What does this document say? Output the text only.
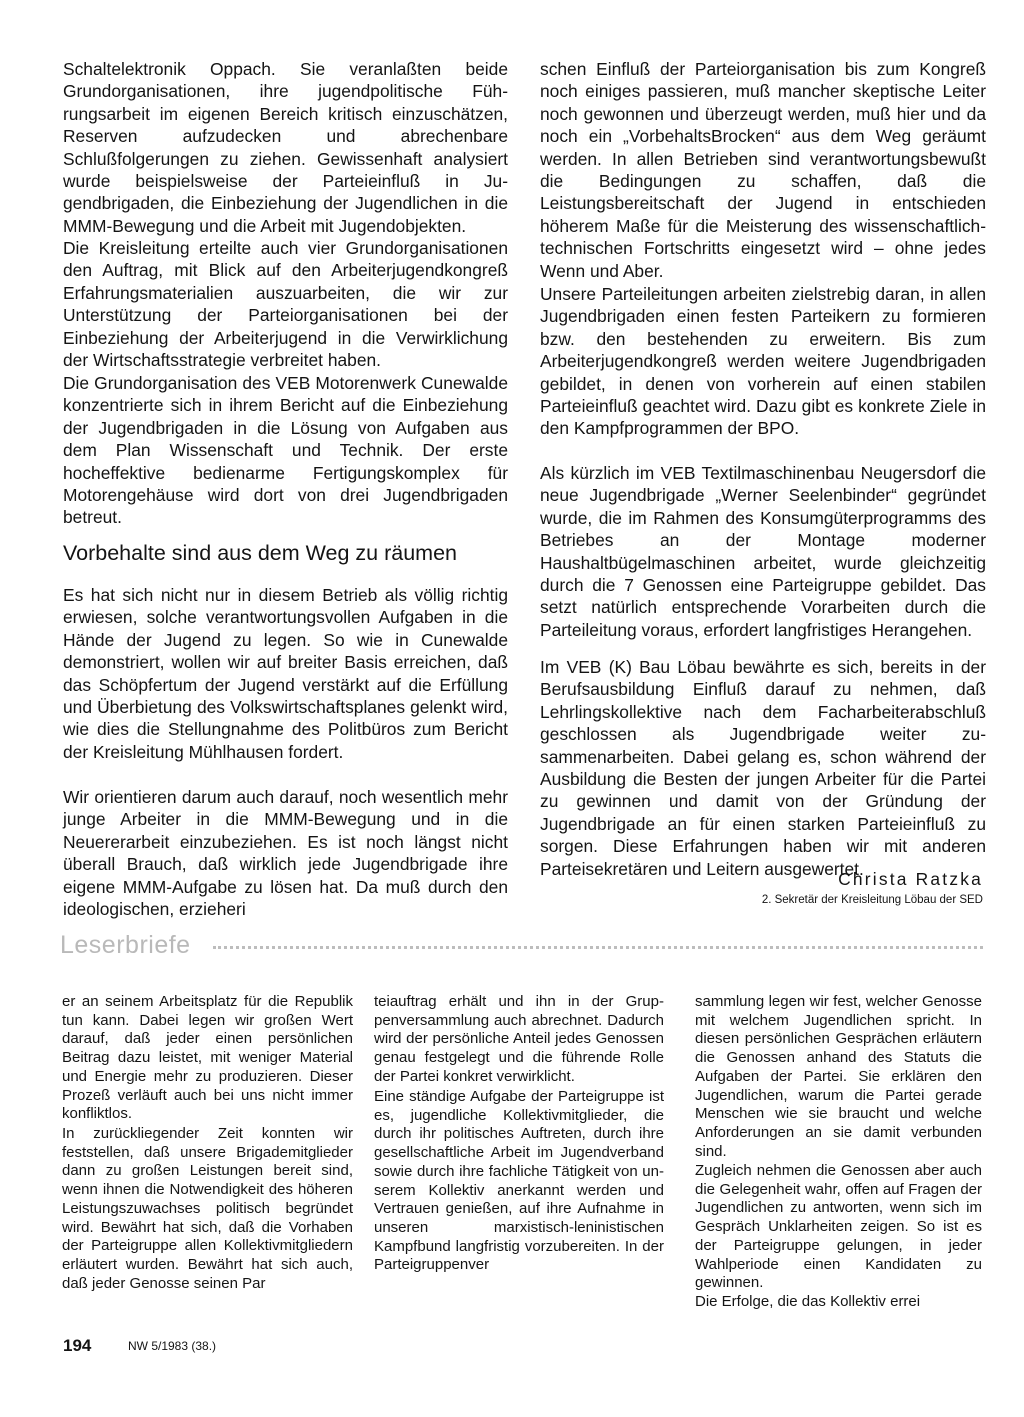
Schaltelektronik Oppach. Sie veranlaßten beide Grundorganisationen, ihre jugendpolitische Führungsarbeit im eigenen Bereich kritisch einzuschätzen, Reserven aufzudecken und abrechenbare Schlußfolgerungen zu ziehen. Gewissenhaft analysiert wurde beispielsweise der Parteieinfluß in Jugendbrigaden, die Einbeziehung der Jugendlichen in die MMM-Bewegung und die Arbeit mit Jugendobjekten.
Die Kreisleitung erteilte auch vier Grundorganisationen den Auftrag, mit Blick auf den Arbeiterjugendkongreß Erfahrungsmaterialien auszuarbeiten, die wir zur Unterstützung der Parteiorganisationen bei der Einbeziehung der Arbeiterjugend in die Verwirklichung der Wirtschaftsstrategie verbreitet haben.
Die Grundorganisation des VEB Motorenwerk Cunewalde konzentrierte sich in ihrem Bericht auf die Einbeziehung der Jugendbrigaden in die Lösung von Aufgaben aus dem Plan Wissenschaft und Technik. Der erste hocheffektive bedienarme Fertigungskomplex für Motorengehäuse wird dort von drei Jugendbrigaden betreut.
Vorbehalte sind aus dem Weg zu räumen
Es hat sich nicht nur in diesem Betrieb als völlig richtig erwiesen, solche verantwortungsvollen Aufgaben in die Hände der Jugend zu legen. So wie in Cunewalde demonstriert, wollen wir auf breiter Basis erreichen, daß das Schöpfertum der Jugend verstärkt auf die Erfüllung und Überbietung des Volkswirtschaftsplanes gelenkt wird, wie dies die Stellungnahme des Politbüros zum Bericht der Kreisleitung Mühlhausen fordert.
Wir orientieren darum auch darauf, noch wesentlich mehr junge Arbeiter in die MMM-Bewegung und in die Neuererarbeit einzubeziehen. Es ist noch längst nicht überall Brauch, daß wirklich jede Jugendbrigade ihre eigene MMM-Aufgabe zu lösen hat. Da muß durch den ideologischen, erzieheri
schen Einfluß der Parteiorganisation bis zum Kongreß noch einiges passieren, muß mancher skeptische Leiter noch gewonnen und überzeugt werden, muß hier und da noch ein „VorbehaltsBrocken“ aus dem Weg geräumt werden. In allen Betrieben sind verantwortungsbewußt die Bedingungen zu schaffen, daß die Leistungsbereitschaft der Jugend in entschieden höherem Maße für die Meisterung des wissenschaftlich-technischen Fortschritts eingesetzt wird – ohne jedes Wenn und Aber.
Unsere Parteileitungen arbeiten zielstrebig daran, in allen Jugendbrigaden einen festen Parteikern zu formieren bzw. den bestehenden zu erweitern. Bis zum Arbeiterjugendkongreß werden weitere Jugendbrigaden gebildet, in denen von vorherein auf einen stabilen Parteieinfluß geachtet wird. Dazu gibt es konkrete Ziele in den Kampfprogrammen der BPO.
Als kürzlich im VEB Textilmaschinenbau Neugersdorf die neue Jugendbrigade „Werner Seelenbinder“ gegründet wurde, die im Rahmen des Konsumgüterprogramms des Betriebes an der Montage moderner Haushaltbügelmaschinen arbeitet, wurde gleichzeitig durch die 7 Genossen eine Parteigruppe gebildet. Das setzt natürlich entsprechende Vorarbeiten durch die Parteileitung voraus, erfordert langfristiges Herangehen.
Im VEB (K) Bau Löbau bewährte es sich, bereits in der Berufsausbildung Einfluß darauf zu nehmen, daß Lehrlingskollektive nach dem Facharbeiterabschluß geschlossen als Jugendbrigade weiter zusammenarbeiten. Dabei gelang es, schon während der Ausbildung die Besten der jungen Arbeiter für die Partei zu gewinnen und damit von der Gründung der Jugendbrigade an für einen starken Parteieinfluß zu sorgen. Diese Erfahrungen haben wir mit anderen Parteisekretären und Leitern ausgewertet.

Christa Ratzka

2. Sekretär der Kreisleitung Löbau der SED

Leserbriefe

er an seinem Arbeitsplatz für die Republik tun kann. Dabei legen wir großen Wert darauf, daß jeder einen persönlichen Beitrag dazu leistet, mit weniger Material und Energie mehr zu produzieren. Dieser Prozeß verläuft auch bei uns nicht immer konfliktlos.
In zurückliegender Zeit konnten wir feststellen, daß unsere Brigademitglieder dann zu großen Leistungen bereit sind, wenn ihnen die Notwendigkeit des höheren Leistungszuwachses politisch begründet wird. Bewährt hat sich, daß die Vorhaben der Parteigruppe allen Kollektivmitgliedern erläutert wurden. Bewährt hat sich auch, daß jeder Genosse seinen Par
teiauftrag erhält und ihn in der Gruppenversammlung auch abrechnet. Dadurch wird der persönliche Anteil jedes Genossen genau festgelegt und die führende Rolle der Partei konkret verwirklicht.
Eine ständige Aufgabe der Parteigruppe ist es, jugendliche Kollektivmitglieder, die durch ihr politisches Auftreten, durch ihre gesellschaftliche Arbeit im Jugendverband sowie durch ihre fachliche Tätigkeit von unserem Kollektiv anerkannt werden und Vertrauen genießen, auf ihre Aufnahme in unseren marxistisch-leninistischen Kampfbund langfristig vorzubereiten. In der Parteigruppenver
sammlung legen wir fest, welcher Genosse mit welchem Jugendlichen spricht. In diesen persönlichen Gesprächen erläutern die Genossen anhand des Statuts die Aufgaben der Partei. Sie erklären den Jugendlichen, warum die Partei gerade Menschen wie sie braucht und welche Anforderungen an sie damit verbunden sind.
Zugleich nehmen die Genossen aber auch die Gelegenheit wahr, offen auf Fragen der Jugendlichen zu antworten, wenn sich im Gespräch Unklarheiten zeigen. So ist es der Parteigruppe gelungen, in jeder Wahlperiode einen Kandidaten zu gewinnen.
Die Erfolge, die das Kollektiv errei

194	NW 5/1983 (38.)
